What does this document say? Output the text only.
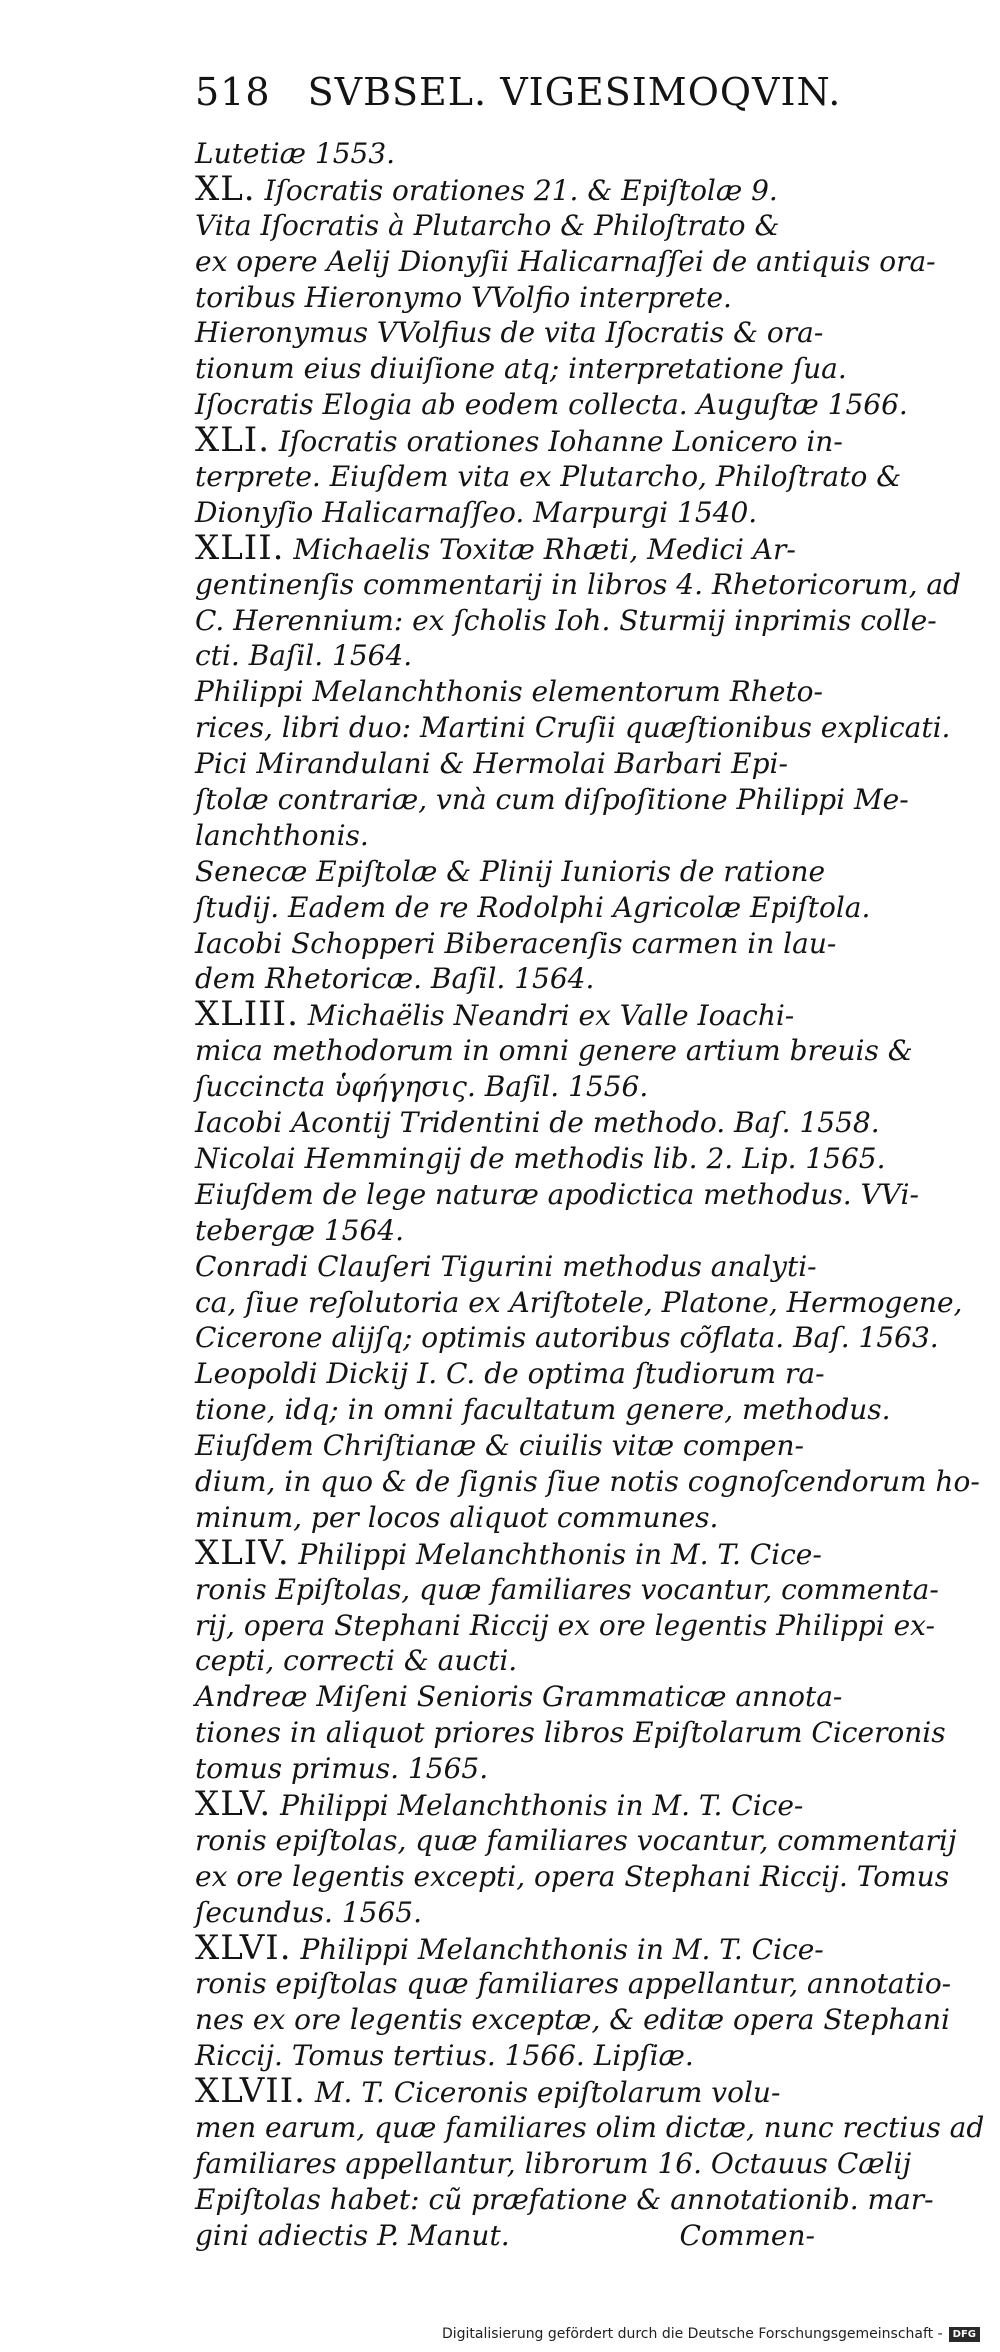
518 SVBSEL. VIGESIMOQVIN.
Lutetiæ 1553.
XL. Iſocratis orationes 21. & Epiſtolæ 9.
Vita Iſocratis à Plutarcho & Philoſtrato &
ex opere Aelij Dionyſii Halicarnaſſei de antiquis ora-
toribus Hieronymo VVolfio interprete.
Hieronymus VVolfius de vita Iſocratis & ora-
tionum eius diuiſione atq; interpretatione ſua.
Iſocratis Elogia ab eodem collecta. Auguſtæ 1566.
XLI. Iſocratis orationes Iohanne Lonicero in-
terprete. Eiuſdem vita ex Plutarcho, Philoſtrato &
Dionyſio Halicarnaſſeo. Marpurgi 1540.
XLII. Michaelis Toxitæ Rhæti, Medici Ar-
gentinenſis commentarij in libros 4. Rhetoricorum, ad
C. Herennium: ex ſcholis Ioh. Sturmij inprimis colle-
cti. Baſil. 1564.
Philippi Melanchthonis elementorum Rheto-
rices, libri duo: Martini Cruſii quæſtionibus explicati.
Pici Mirandulani & Hermolai Barbari Epi-
ſtolæ contrariæ, vnà cum diſpoſitione Philippi Me-
lanchthonis.
Senecæ Epiſtolæ & Plinij Iunioris de ratione
ſtudij. Eadem de re Rodolphi Agricolæ Epiſtola.
Iacobi Schopperi Biberacenſis carmen in lau-
dem Rhetoricæ. Baſil. 1564.
XLIII. Michaëlis Neandri ex Valle Ioachi-
mica methodorum in omni genere artium breuis &
ſuccincta ὑφήγησις. Baſil. 1556.
Iacobi Acontij Tridentini de methodo. Baſ. 1558.
Nicolai Hemmingij de methodis lib. 2. Lip. 1565.
Eiuſdem de lege naturæ apodictica methodus. VVi-
tebergæ 1564.
Conradi Clauſeri Tigurini methodus analyti-
ca, ſiue reſolutoria ex Ariſtotele, Platone, Hermogene,
Cicerone alijſq; optimis autoribus cõflata. Baſ. 1563.
Leopoldi Dickij I. C. de optima ſtudiorum ra-
tione, idq; in omni facultatum genere, methodus.
Eiuſdem Chriſtianæ & ciuilis vitæ compen-
dium, in quo & de ſignis ſiue notis cognoſcendorum ho-
minum, per locos aliquot communes.
XLIV. Philippi Melanchthonis in M. T. Cice-
ronis Epiſtolas, quæ familiares vocantur, commenta-
rij, opera Stephani Riccij ex ore legentis Philippi ex-
cepti, correcti & aucti.
Andreæ Miſeni Senioris Grammaticæ annota-
tiones in aliquot priores libros Epiſtolarum Ciceronis
tomus primus. 1565.
XLV. Philippi Melanchthonis in M. T. Cice-
ronis epiſtolas, quæ familiares vocantur, commentarij
ex ore legentis excepti, opera Stephani Riccij. Tomus
ſecundus. 1565.
XLVI. Philippi Melanchthonis in M. T. Cice-
ronis epiſtolas quæ familiares appellantur, annotatio-
nes ex ore legentis exceptæ, & editæ opera Stephani
Riccij. Tomus tertius. 1566. Lipſiæ.
XLVII. M. T. Ciceronis epiſtolarum volu-
men earum, quæ familiares olim dictæ, nunc rectius ad
familiares appellantur, librorum 16. Octauus Cælij
Epiſtolas habet: cũ præfatione & annotationib. mar-
gini adiectis P. Manut.	Commen-
Digitalisierung gefördert durch die Deutsche Forschungsgemeinschaft -	DFG
